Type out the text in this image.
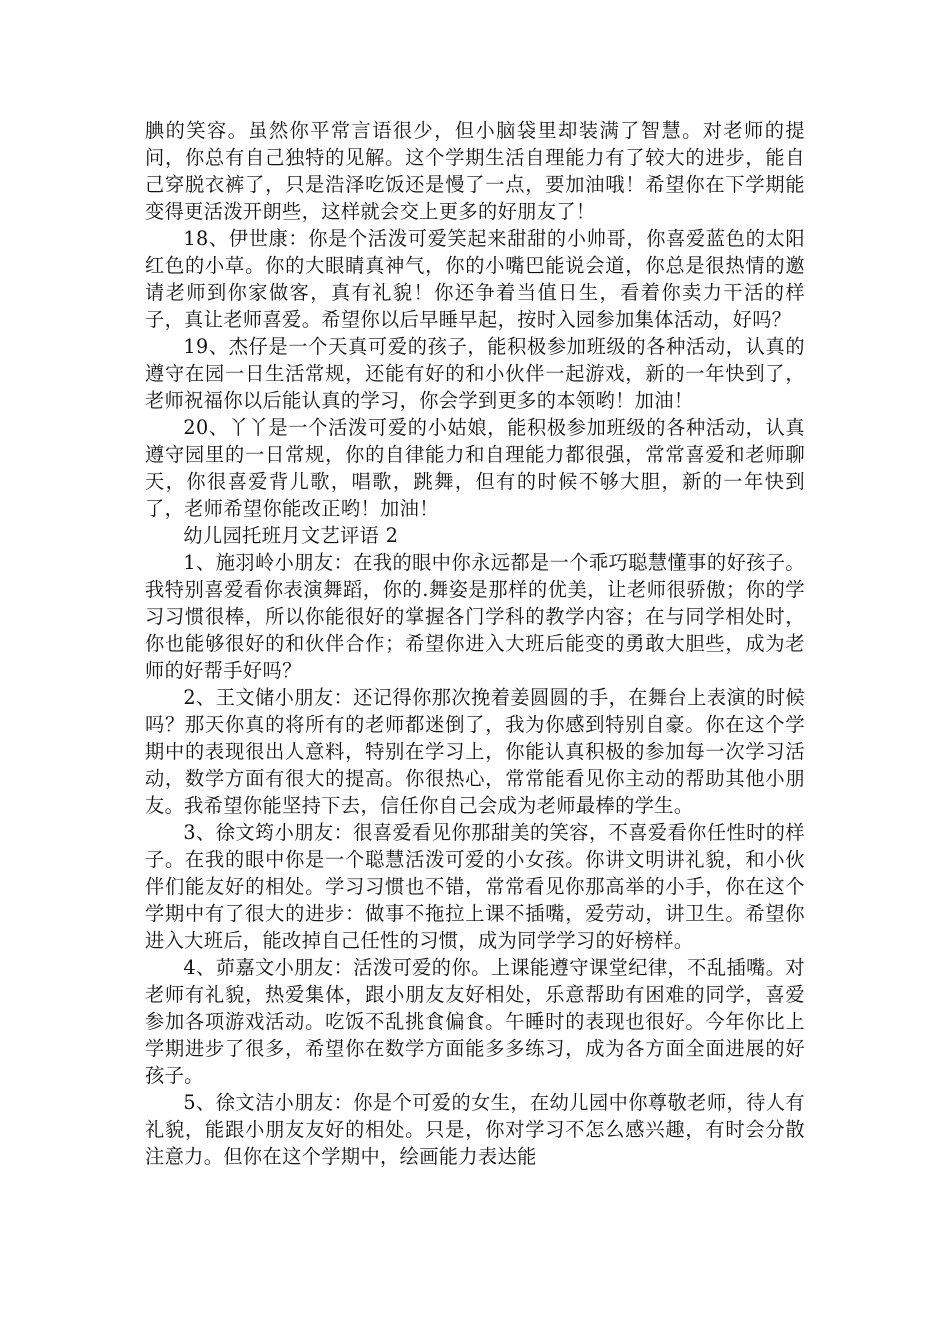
腆的笑容。虽然你平常言语很少，但小脑袋里却装满了智慧。对老师的提问，你总有自己独特的见解。这个学期生活自理能力有了较大的进步，能自己穿脱衣裤了，只是浩泽吃饭还是慢了一点，要加油哦！希望你在下学期能变得更活泼开朗些，这样就会交上更多的好朋友了！

18、伊世康：你是个活泼可爱笑起来甜甜的小帅哥，你喜爱蓝色的太阳红色的小草。你的大眼睛真神气，你的小嘴巴能说会道，你总是很热情的邀请老师到你家做客，真有礼貌！你还争着当值日生，看着你卖力干活的样子，真让老师喜爱。希望你以后早睡早起，按时入园参加集体活动，好吗？

19、杰仔是一个天真可爱的孩子，能积极参加班级的各种活动，认真的遵守在园一日生活常规，还能有好的和小伙伴一起游戏，新的一年快到了，老师祝福你以后能认真的学习，你会学到更多的本领哟！加油！

20、丫丫是一个活泼可爱的小姑娘，能积极参加班级的各种活动，认真遵守园里的一日常规，你的自律能力和自理能力都很强，常常喜爱和老师聊天，你很喜爱背儿歌，唱歌，跳舞，但有的时候不够大胆，新的一年快到了，老师希望你能改正哟！加油！

幼儿园托班月文艺评语 2

1、施羽岭小朋友：在我的眼中你永远都是一个乖巧聪慧懂事的好孩子。我特别喜爱看你表演舞蹈，你的.舞姿是那样的优美，让老师很骄傲；你的学习习惯很棒，所以你能很好的掌握各门学科的教学内容；在与同学相处时，你也能够很好的和伙伴合作；希望你进入大班后能变的勇敢大胆些，成为老师的好帮手好吗？

2、王文储小朋友：还记得你那次挽着姜圆圆的手，在舞台上表演的时候吗？那天你真的将所有的老师都迷倒了，我为你感到特别自豪。你在这个学期中的表现很出人意料，特别在学习上，你能认真积极的参加每一次学习活动，数学方面有很大的提高。你很热心，常常能看见你主动的帮助其他小朋友。我希望你能坚持下去，信任你自己会成为老师最棒的学生。

3、徐文筠小朋友：很喜爱看见你那甜美的笑容，不喜爱看你任性时的样子。在我的眼中你是一个聪慧活泼可爱的小女孩。你讲文明讲礼貌，和小伙伴们能友好的相处。学习习惯也不错，常常看见你那高举的小手，你在这个学期中有了很大的进步：做事不拖拉上课不插嘴，爱劳动，讲卫生。希望你进入大班后，能改掉自己任性的习惯，成为同学学习的好榜样。

4、茆嘉文小朋友：活泼可爱的你。上课能遵守课堂纪律，不乱插嘴。对老师有礼貌，热爱集体，跟小朋友友好相处，乐意帮助有困难的同学，喜爱参加各项游戏活动。吃饭不乱挑食偏食。午睡时的表现也很好。今年你比上学期进步了很多，希望你在数学方面能多多练习，成为各方面全面进展的好孩子。

5、徐文洁小朋友：你是个可爱的女生，在幼儿园中你尊敬老师，待人有礼貌，能跟小朋友友好的相处。只是，你对学习不怎么感兴趣，有时会分散注意力。但你在这个学期中，绘画能力表达能
